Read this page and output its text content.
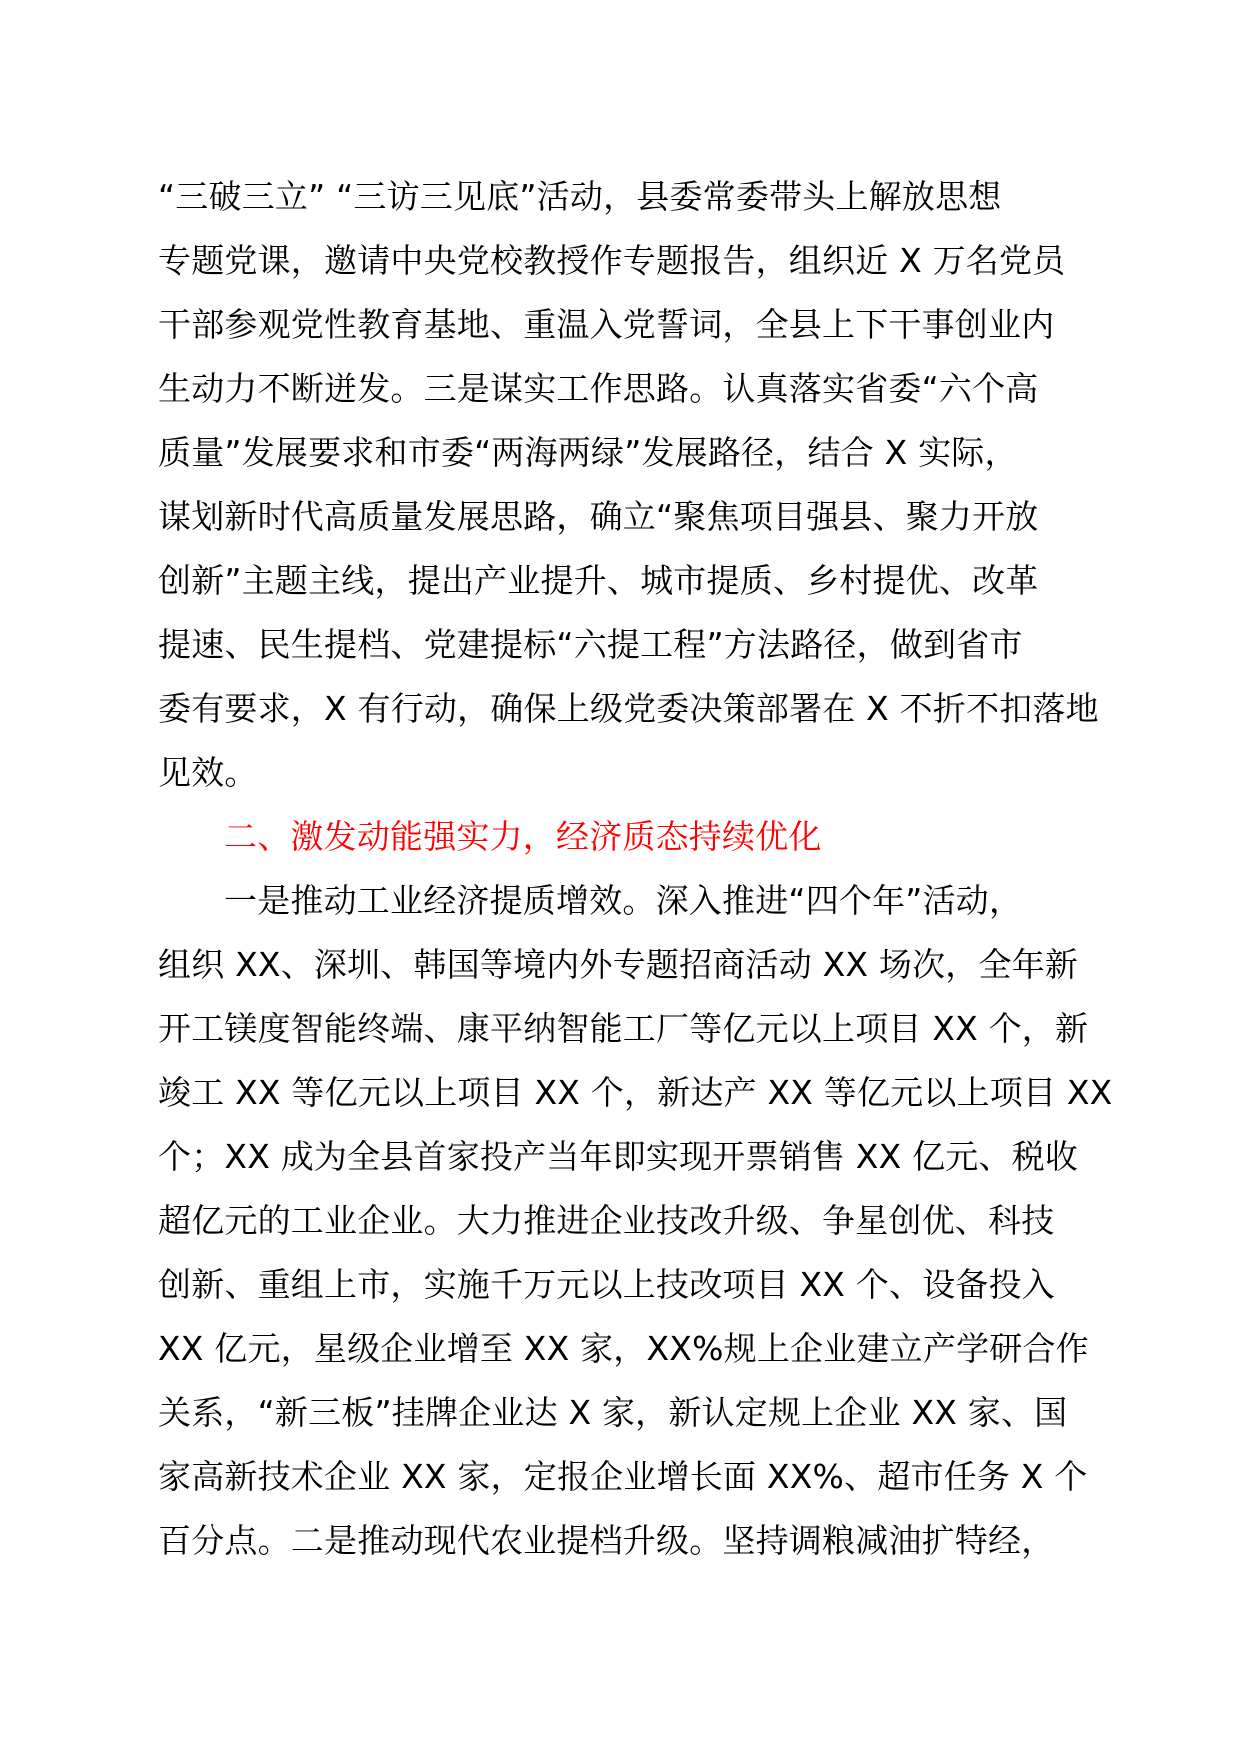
“三破三立” “三访三见底”活动，县委常委带头上解放思想
专题党课，邀请中央党校教授作专题报告，组织近 X 万名党员
干部参观党性教育基地、重温入党誓词，全县上下干事创业内
生动力不断迸发。三是谋实工作思路。认真落实省委“六个高
质量”发展要求和市委“两海两绿”发展路径，结合 X 实际，
谋划新时代高质量发展思路，确立“聚焦项目强县、聚力开放
创新”主题主线，提出产业提升、城市提质、乡村提优、改革
提速、民生提档、党建提标“六提工程”方法路径，做到省市
委有要求，X 有行动，确保上级党委决策部署在 X 不折不扣落地
见效。
二、激发动能强实力，经济质态持续优化
一是推动工业经济提质增效。深入推进“四个年”活动，
组织 XX、深圳、韩国等境内外专题招商活动 XX 场次，全年新
开工镁度智能终端、康平纳智能工厂等亿元以上项目 XX 个，新
竣工 XX 等亿元以上项目 XX 个，新达产 XX 等亿元以上项目 XX
个；XX 成为全县首家投产当年即实现开票销售 XX 亿元、税收
超亿元的工业企业。大力推进企业技改升级、争星创优、科技
创新、重组上市，实施千万元以上技改项目 XX 个、设备投入
XX 亿元，星级企业增至 XX 家，XX%规上企业建立产学研合作
关系，“新三板”挂牌企业达 X 家，新认定规上企业 XX 家、国
家高新技术企业 XX 家，定报企业增长面 XX%、超市任务 X 个
百分点。二是推动现代农业提档升级。坚持调粮减油扩特经，
